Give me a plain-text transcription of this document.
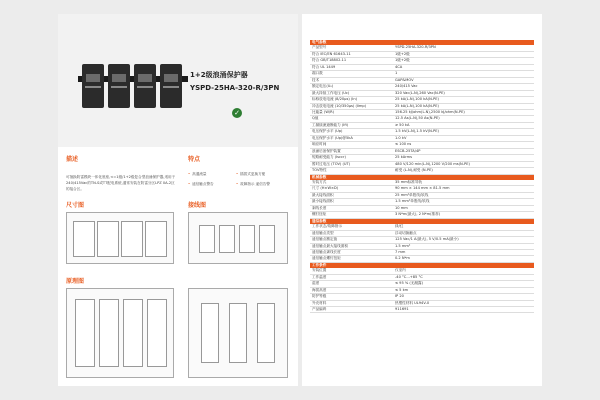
1+2级浪涌保护器
YSPD-25HA-320-R/3PN
✓
描述
可抽换防雷模块一体化底座,<=1级/1+2级复合型浪涌保护器,适用于240/415Vac的TN-S或TT配电系统,通常安装在防雷分区LPZ 0A-2区的接合区。
特点
• 高通流量
• 遥信触点警告
• 插拔式更换方便
• 故障指示 遥信告警
尺寸图	接线图
原理图
电气参数	
产品型号	YSPD-25HA-320-R/3PN
符合 IEC/EN 61643-11	1级+2级
符合 GB/T18802.11	1级+2级
符合 UL 1449	4CA
端口数	1
技术	GAP&MOV
额定电压(U₀)	240/415 Vac
最大持续工作电压 (Uc)	320 Vac(L-N),260 Vac(N-PE)
标称放电电流 (8/20μs) (In)	25 kA(L-N),100 kA(N-PE)
冲击放电电流 (10/350μs) (Iimp)	25 kA(L-N),100 kA(N-PE)
比能量 (W/R)	156.25 kJ/ohm(L-N),2500 kJ/ohm(N-PE)
Q值	12.5 As(L-N),50 As(N-PE)
工频续流遮断能力 (Ifi)	≥ 50 kA
电压保护水平 (Up)	1.5 kV(L-N),1.5 kV(N-PE)
电压保护水平 (Up)@5kA	1.0 kV
响应时间	≤ 100 ns
浪涌后备保护装置	ESCB-25TA/4P
短路耐受能力 (Isccr)	25 kArms
暂时过电压 (TOV) (UT)	480 V/120 min(L-N),1200 V/200 ms(N-PE)
TOV特性	耐受 (L-N),耐受 (N-PE)
机械参数	
安装方式	35 mm标准导轨
尺寸 (H×W×D)	90 mm × 144 mm × 81.5 mm
最大接线面积	25 mm²单股线/软线
最小接线面积	1.5 mm²单股线/软线
剥线长度	10 mm
螺钉扭矩	3 N*m(最大), 2 N*m(推荐)
遥信参数	
工作状态/故障指示	绿/红
遥信触点类型	浮动切换触点
遥信触点额定值	125 Vac/1 A(最大), 5 V/0.5 mA(最小)
遥信触点最大接线面积	1.5 mm²
遥信触点剥线长度	7 mm
遥信触点螺钉扭矩	0.2 N*m
工作条件	
安装位置	仅室内
工作温度	-40 °C...+85 °C
湿度	≤ 95 % (无凝露)
海拔高度	≤ 5 km
防护等级	IP 20
外壳材料	热塑性材料 UL94V-0
产品编码	911691
